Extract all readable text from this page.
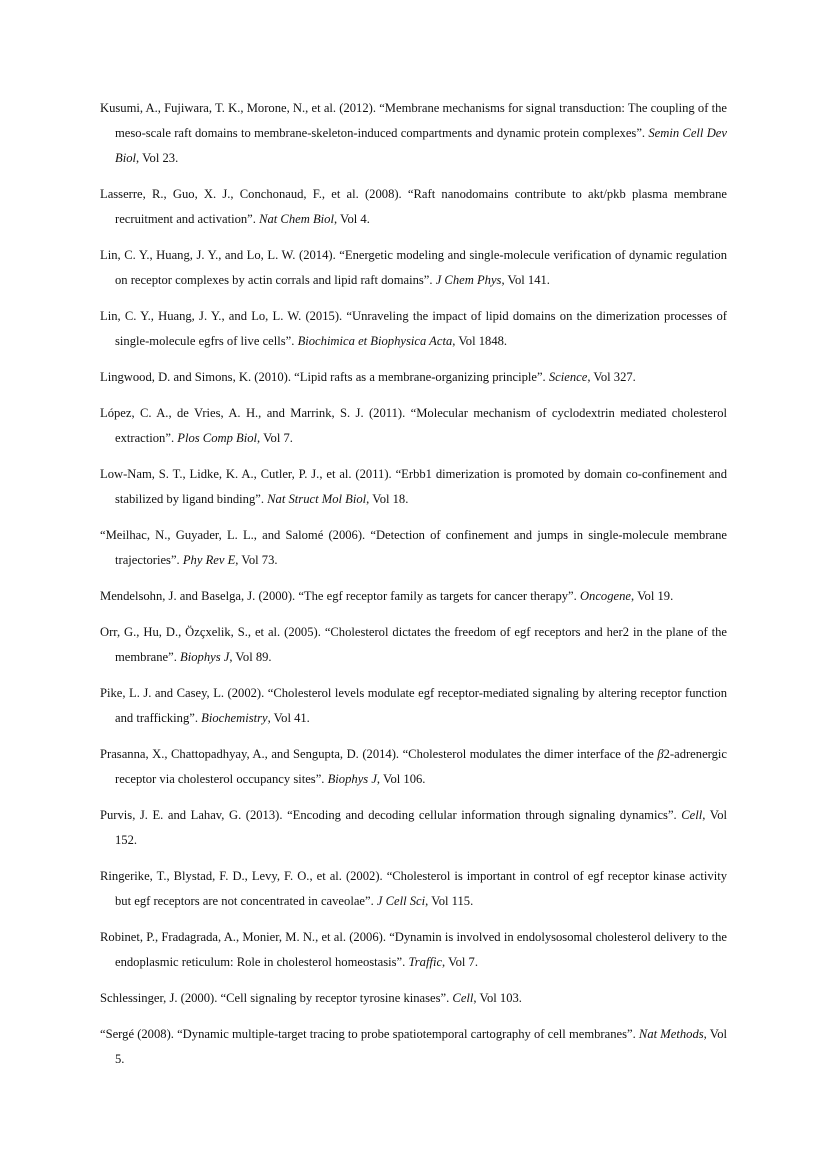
Kusumi, A., Fujiwara, T. K., Morone, N., et al. (2012). “Membrane mechanisms for signal transduction: The coupling of the meso-scale raft domains to membrane-skeleton-induced compartments and dynamic protein complexes”. Semin Cell Dev Biol, Vol 23.

Lasserre, R., Guo, X. J., Conchonaud, F., et al. (2008). “Raft nanodomains contribute to akt/pkb plasma membrane recruitment and activation”. Nat Chem Biol, Vol 4.

Lin, C. Y., Huang, J. Y., and Lo, L. W. (2014). “Energetic modeling and single-molecule verification of dynamic regulation on receptor complexes by actin corrals and lipid raft domains”. J Chem Phys, Vol 141.

Lin, C. Y., Huang, J. Y., and Lo, L. W. (2015). “Unraveling the impact of lipid domains on the dimerization processes of single-molecule egfrs of live cells”. Biochimica et Biophysica Acta, Vol 1848.

Lingwood, D. and Simons, K. (2010). “Lipid rafts as a membrane-organizing principle”. Science, Vol 327.

López, C. A., de Vries, A. H., and Marrink, S. J. (2011). “Molecular mechanism of cyclodextrin mediated cholesterol extraction”. Plos Comp Biol, Vol 7.

Low-Nam, S. T., Lidke, K. A., Cutler, P. J., et al. (2011). “Erbb1 dimerization is promoted by domain co-confinement and stabilized by ligand binding”. Nat Struct Mol Biol, Vol 18.

“Meilhac, N., Guyader, L. L., and Salomé (2006). “Detection of confinement and jumps in single-molecule membrane trajectories”. Phy Rev E, Vol 73.

Mendelsohn, J. and Baselga, J. (2000). “The egf receptor family as targets for cancer therapy”. Oncogene, Vol 19.

Orr, G., Hu, D., Özçxelik, S., et al. (2005). “Cholesterol dictates the freedom of egf receptors and her2 in the plane of the membrane”. Biophys J, Vol 89.

Pike, L. J. and Casey, L. (2002). “Cholesterol levels modulate egf receptor-mediated signaling by altering receptor function and trafficking”. Biochemistry, Vol 41.

Prasanna, X., Chattopadhyay, A., and Sengupta, D. (2014). “Cholesterol modulates the dimer interface of the β2-adrenergic receptor via cholesterol occupancy sites”. Biophys J, Vol 106.

Purvis, J. E. and Lahav, G. (2013). “Encoding and decoding cellular information through signaling dynamics”. Cell, Vol 152.

Ringerike, T., Blystad, F. D., Levy, F. O., et al. (2002). “Cholesterol is important in control of egf receptor kinase activity but egf receptors are not concentrated in caveolae”. J Cell Sci, Vol 115.

Robinet, P., Fradagrada, A., Monier, M. N., et al. (2006). “Dynamin is involved in endolysosomal cholesterol delivery to the endoplasmic reticulum: Role in cholesterol homeostasis”. Traffic, Vol 7.

Schlessinger, J. (2000). “Cell signaling by receptor tyrosine kinases”. Cell, Vol 103.

“Sergé (2008). “Dynamic multiple-target tracing to probe spatiotemporal cartography of cell membranes”. Nat Methods, Vol 5.
